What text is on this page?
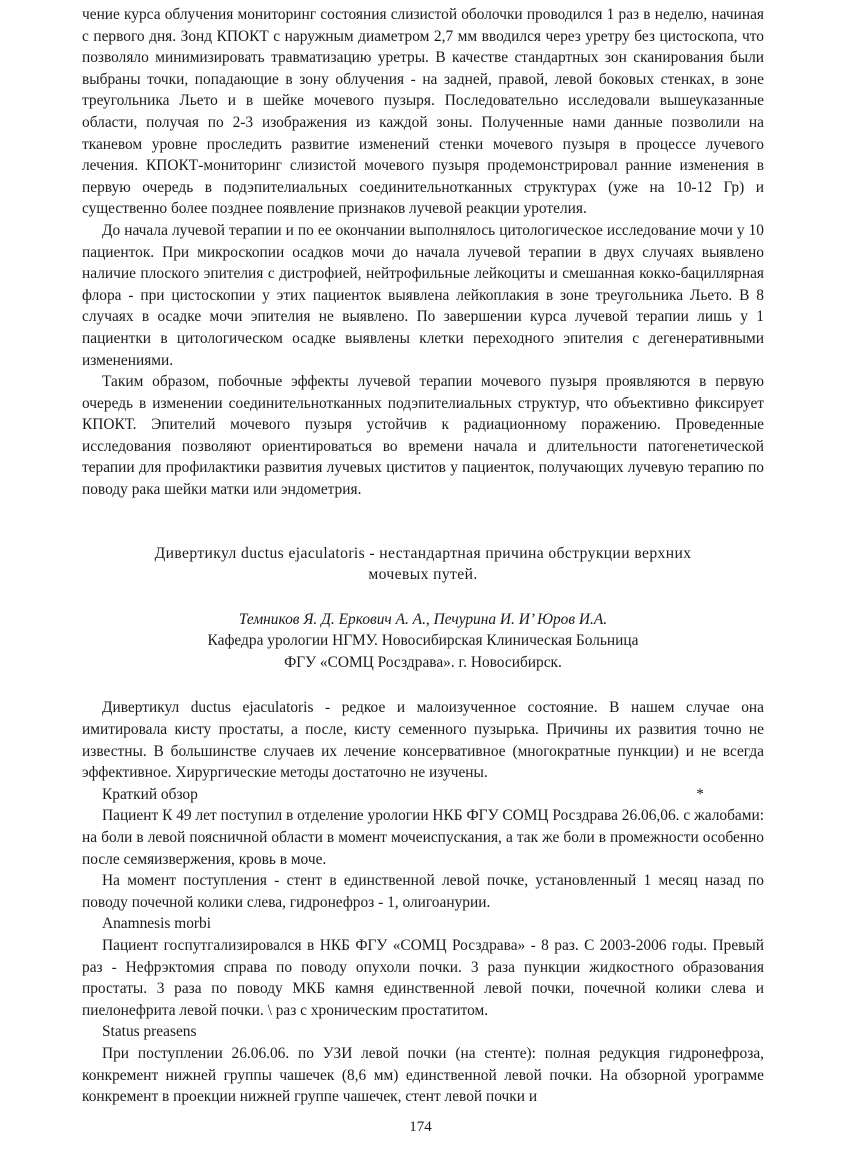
чение курса облучения мониторинг состояния слизистой оболочки проводился 1 раз в неделю, начиная с первого дня. Зонд КПОКТ с наружным диаметром 2,7 мм вводился через уретру без цистоскопа, что позволяло минимизировать травматизацию уретры. В качестве стандартных зон сканирования были выбраны точки, попадающие в зону облучения - на задней, правой, левой боковых стенках, в зоне треугольника Льето и в шейке мочевого пузыря. Последовательно исследовали вышеуказанные области, получая по 2-3 изображения из каждой зоны. Полученные нами данные позволили на тканевом уровне проследить развитие изменений стенки мочевого пузыря в процессе лучевого лечения. КПОКТ-мониторинг слизистой мочевого пузыря продемонстрировал ранние изменения в первую очередь в подэпителиальных соединительнотканных структурах (уже на 10-12 Гр) и существенно более позднее появление признаков лучевой реакции уротелия.

До начала лучевой терапии и по ее окончании выполнялось цитологическое исследование мочи у 10 пациенток. При микроскопии осадков мочи до начала лучевой терапии в двух случаях выявлено наличие плоского эпителия с дистрофией, нейтрофильные лейкоциты и смешанная кокко-бациллярная флора - при цистоскопии у этих пациенток выявлена лейкоплакия в зоне треугольника Льето. В 8 случаях в осадке мочи эпителия не выявлено. По завершении курса лучевой терапии лишь у 1 пациентки в цитологическом осадке выявлены клетки переходного эпителия с дегенеративными изменениями.

Таким образом, побочные эффекты лучевой терапии мочевого пузыря проявляются в первую очередь в изменении соединительнотканных подэпителиальных структур, что объективно фиксирует КПОКТ. Эпителий мочевого пузыря устойчив к радиационному поражению. Проведенные исследования позволяют ориентироваться во времени начала и длительности патогенетической терапии для профилактики развития лучевых циститов у пациенток, получающих лучевую терапию по поводу рака шейки матки или эндометрия.

Дивертикул ductus ejaculatoris - нестандартная причина обструкции верхних

мочевых путей.

Темников Я. Д. Еркович А. А., Печурина И. И’ Юров И.А.

Кафедра урологии НГМУ. Новосибирская Клиническая Больница

ФГУ «СОМЦ Росздрава». г. Новосибирск.

Дивертикул ductus ejaculatoris - редкое и малоизученное состояние. В нашем случае она имитировала кисту простаты, а после, кисту семенного пузырька. Причины их развития точно не известны. В большинстве случаев их лечение консервативное (многократные пункции) и не всегда эффективное. Хирургические методы достаточно не изучены.

Краткий обзор	*

Пациент К 49 лет поступил в отделение урологии НКБ ФГУ СОМЦ Росздрава 26.06,06. с жалобами: на боли в левой поясничной области в момент мочеиспускания, а так же боли в промежности особенно после семяизвержения, кровь в моче.

На момент поступления - стент в единственной левой почке, установленный 1 месяц назад по поводу почечной колики слева, гидронефроз - 1, олигоанурии.

Anamnesis morbi

Пациент госпутгализировался в НКБ ФГУ «СОМЦ Росздрава» - 8 раз. С 2003-2006 годы. Превый раз - Нефрэктомия справа по поводу опухоли почки. 3 раза пункции жидкостного образования простаты. 3 раза по поводу МКБ камня единственной левой почки, почечной колики слева и пиелонефрита левой почки. \ раз с хроническим простатитом.

Status preasens

При поступлении 26.06.06. по УЗИ левой почки (на стенте): полная редукция гидронефроза, конкремент нижней группы чашечек (8,6 мм) единственной левой почки. На обзорной урограмме конкремент в проекции нижней группе чашечек, стент левой почки и

174
